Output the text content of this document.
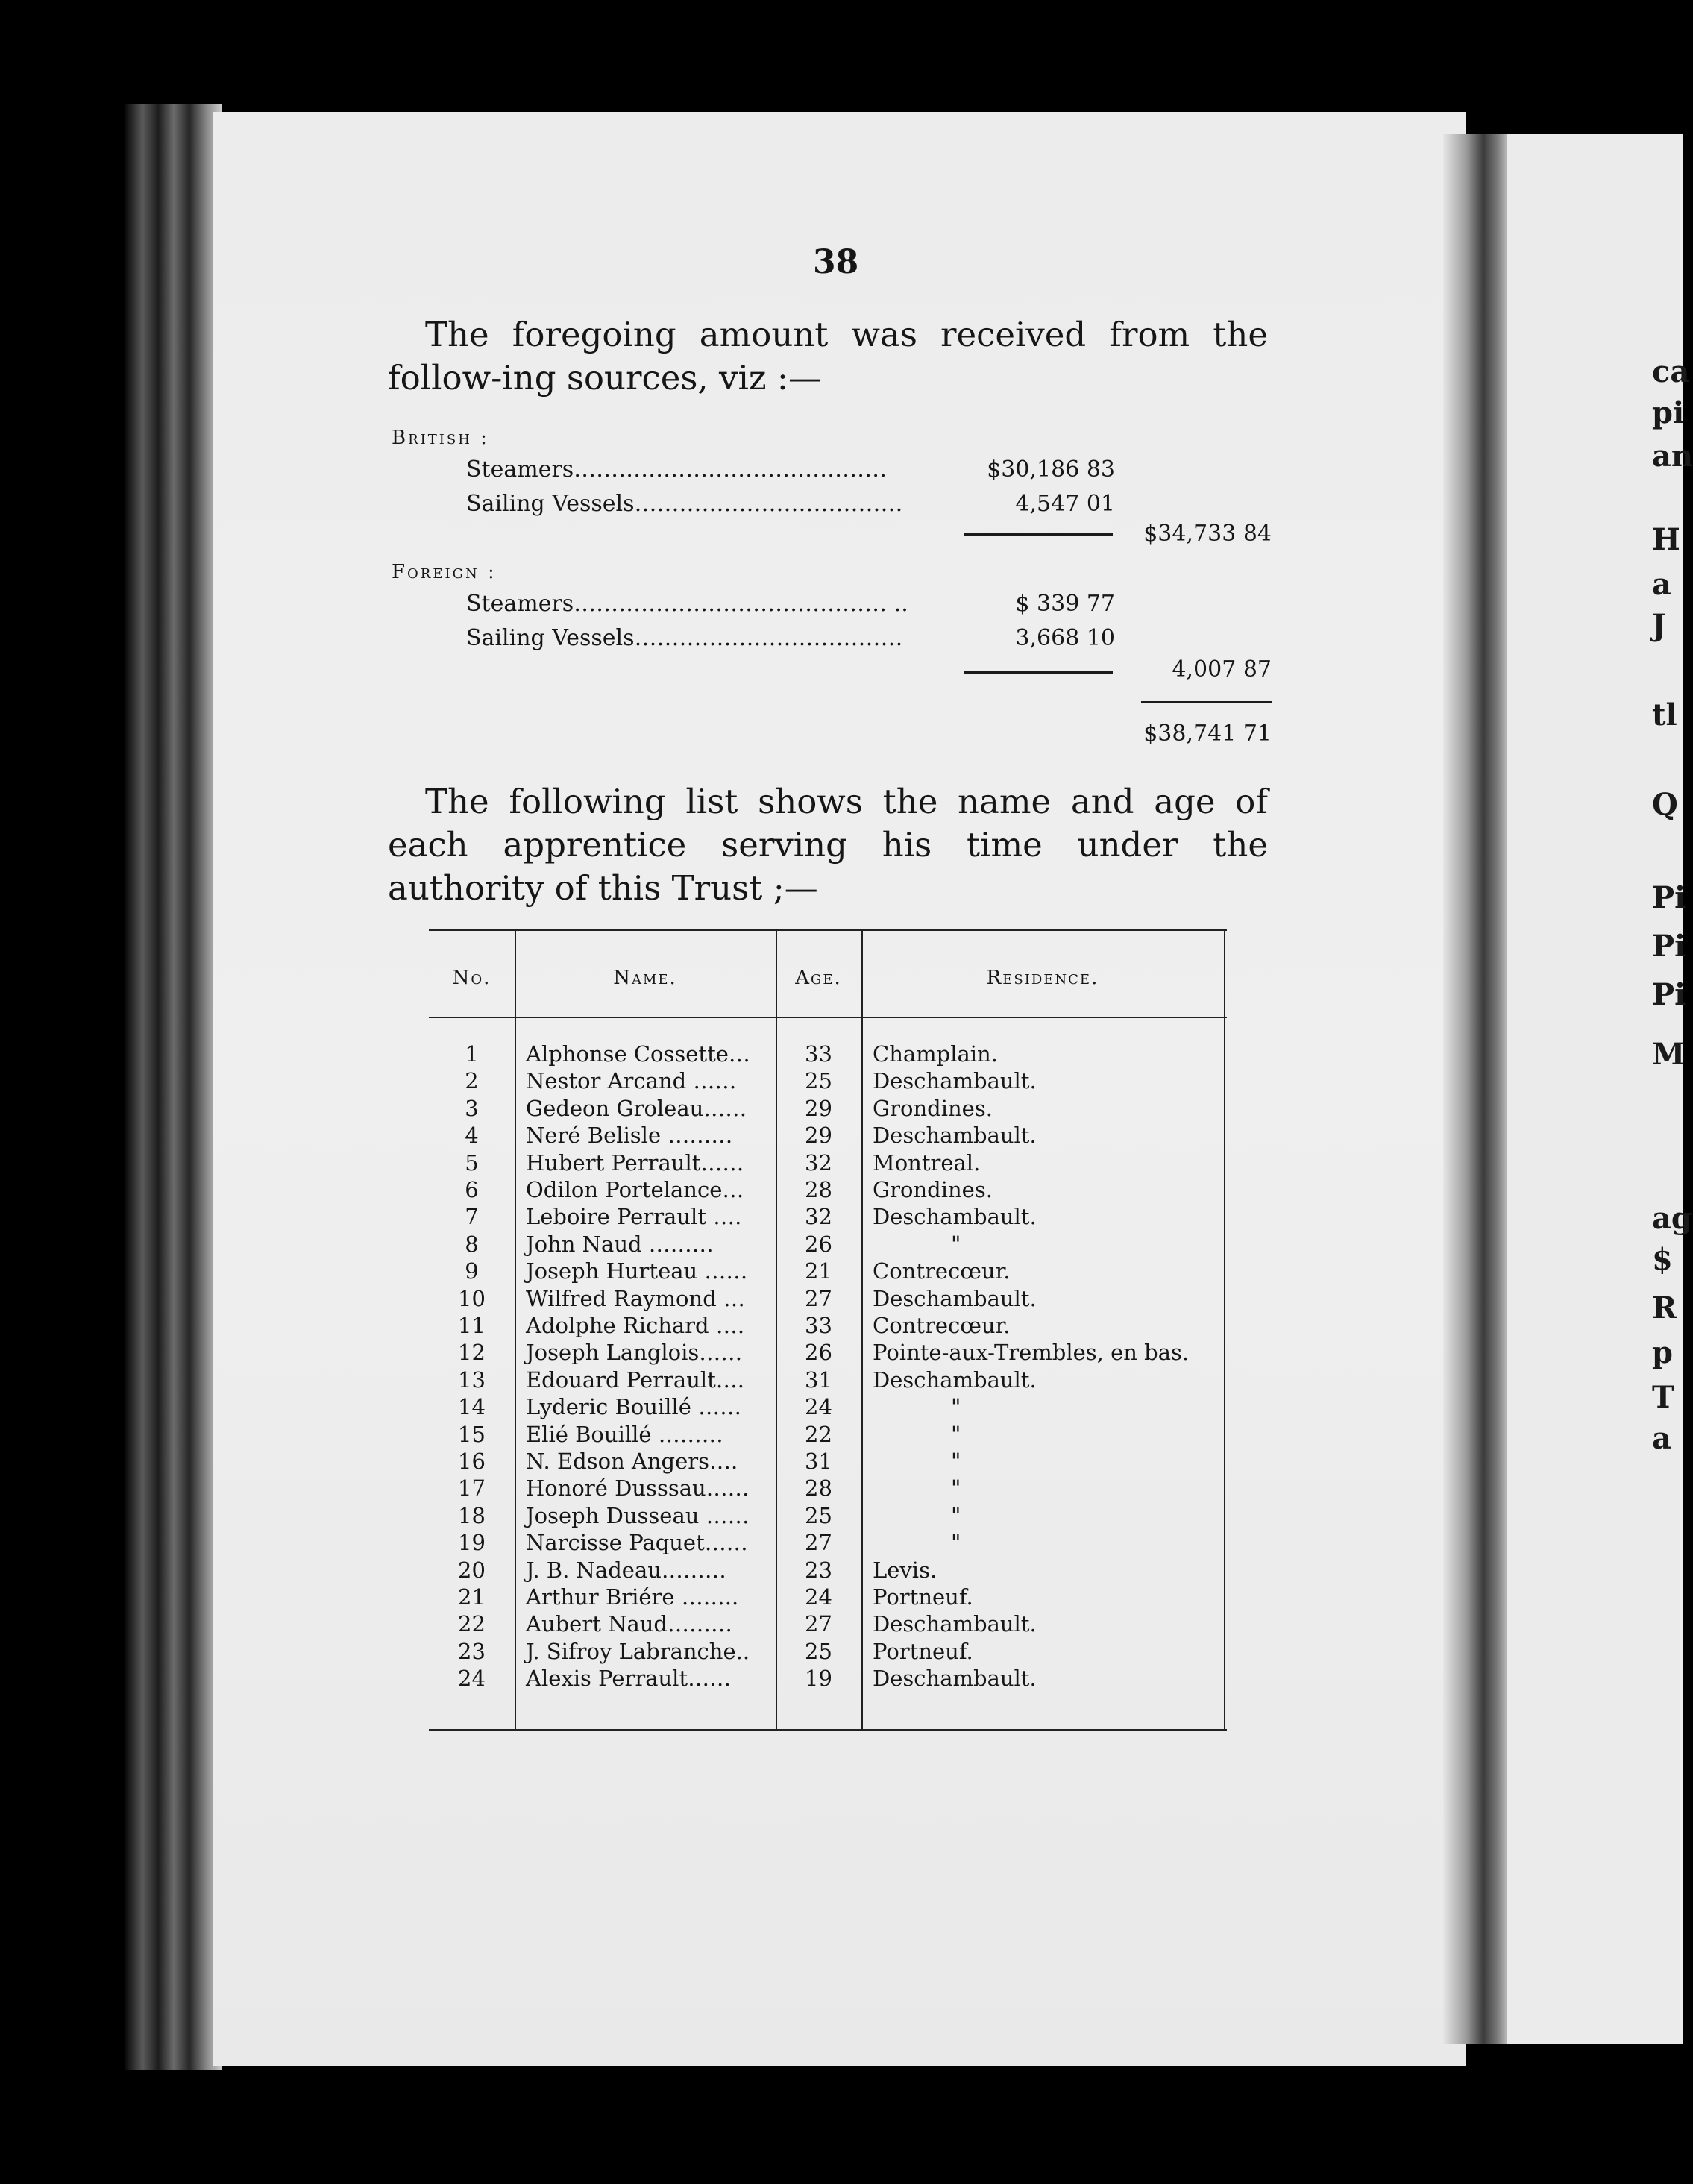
38
The foregoing amount was received from the follow-ing sources, viz :—
British :
Steamers……………………………………	$30,186 83
Sailing Vessels………………………………	4,547 01
$34,733 84
Foreign :
Steamers…………………………………… ..	$ 339 77
Sailing Vessels………………………………	3,668 10
4,007 87
$38,741 71
The following list shows the name and age of each apprentice serving his time under the authority of this Trust ;—
No.	Name.	Age.	Residence.
1	Alphonse Cossette…	33	Champlain.
2	Nestor Arcand ……	25	Deschambault.
3	Gedeon Groleau……	29	Grondines.
4	Neré Belisle ………	29	Deschambault.
5	Hubert Perrault……	32	Montreal.
6	Odilon Portelance…	28	Grondines.
7	Leboire Perrault ….	32	Deschambault.
8	John Naud ………	26	"
9	Joseph Hurteau ……	21	Contrecœur.
10	Wilfred Raymond …	27	Deschambault.
11	Adolphe Richard ….	33	Contrecœur.
12	Joseph Langlois……	26	Pointe-aux-Trembles, en bas.
13	Edouard Perrault….	31	Deschambault.
14	Lyderic Bouillé ……	24	"
15	Elié Bouillé ………	22	"
16	N. Edson Angers….	31	"
17	Honoré Dusssau……	28	"
18	Joseph Dusseau ……	25	"
19	Narcisse Paquet……	27	"
20	J. B. Nadeau………	23	Levis.
21	Arthur Briére ……..	24	Portneuf.
22	Aubert Naud………	27	Deschambault.
23	J. Sifroy Labranche..	25	Portneuf.
24	Alexis Perrault……	19	Deschambault.
ca
pi
an
H
a
J
tl
Q
Pi
Pi
Pi
M
ag
$
R
p
T
a
